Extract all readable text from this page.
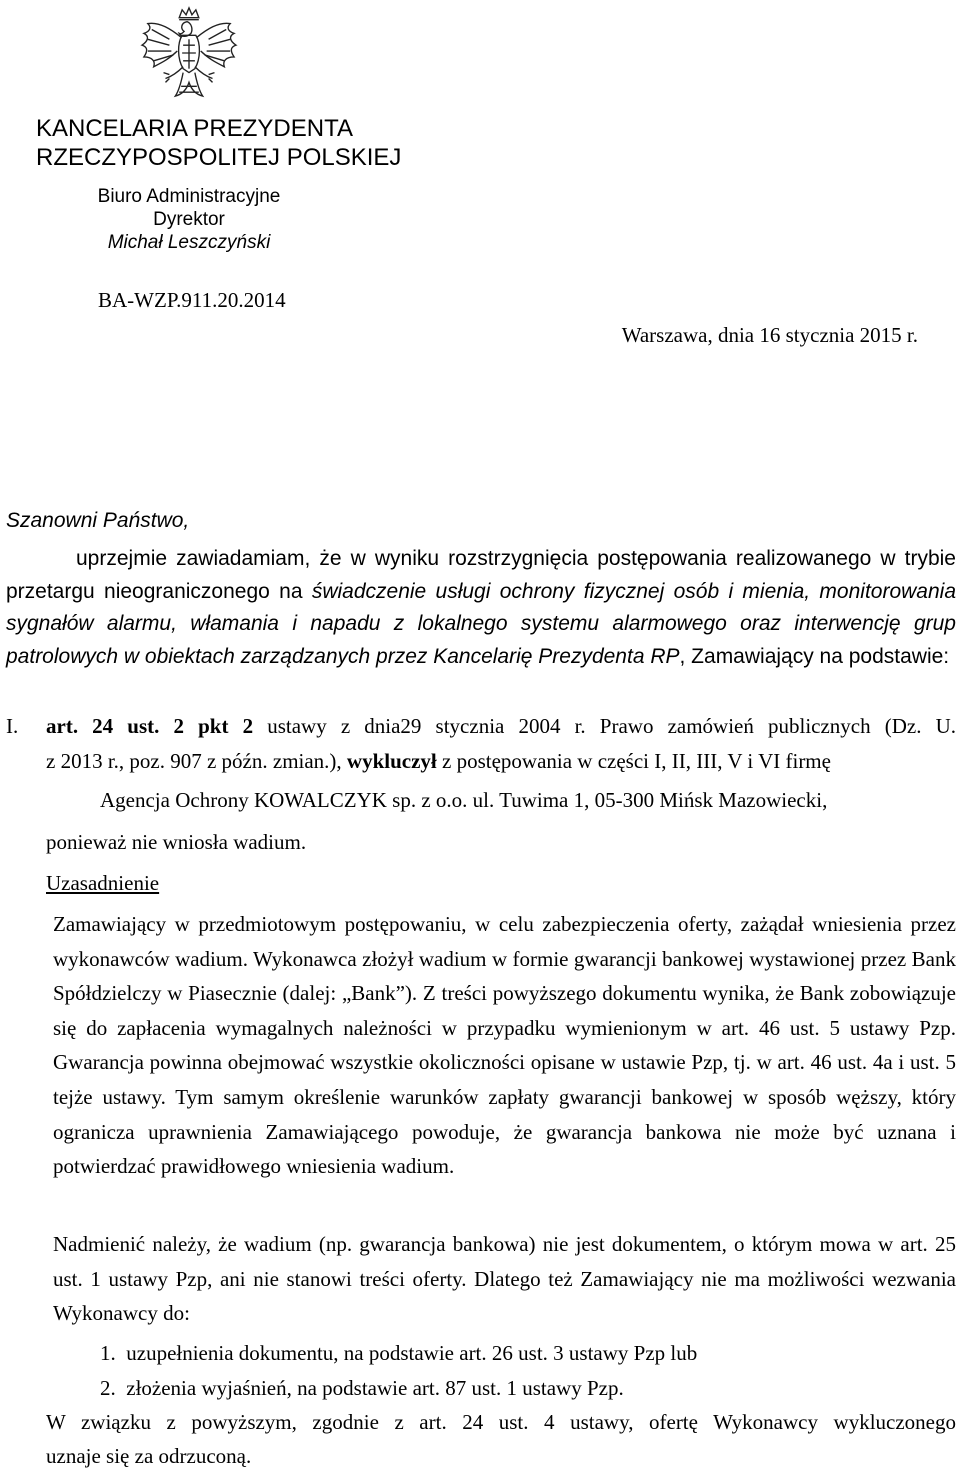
KANCELARIA PREZYDENTA
RZECZYPOSPOLITEJ POLSKIEJ
Biuro Administracyjne
Dyrektor
Michał Leszczyński
BA-WZP.911.20.2014
Warszawa, dnia 16 stycznia 2015 r.
Szanowni Państwo,

uprzejmie zawiadamiam, że w wyniku rozstrzygnięcia postępowania realizowanego w trybie przetargu nieograniczonego na świadczenie usługi ochrony fizycznej osób i mienia, monitorowania sygnałów alarmu, włamania i napadu z lokalnego systemu alarmowego oraz interwencję grup patrolowych w obiektach zarządzanych przez Kancelarię Prezydenta RP, Zamawiający na podstawie:

I. art. 24 ust. 2 pkt 2 ustawy z dnia29 stycznia 2004 r. Prawo zamówień publicznych (Dz. U.
z 2013 r., poz. 907 z późn. zmian.), wykluczył z postępowania w części I, II, III, V i VI firmę
Agencja Ochrony KOWALCZYK sp. z o.o. ul. Tuwima 1, 05-300 Mińsk Mazowiecki,
ponieważ nie wniosła wadium.
Uzasadnienie

Zamawiający w przedmiotowym postępowaniu, w celu zabezpieczenia oferty, zażądał wniesienia przez wykonawców wadium. Wykonawca złożył wadium w formie gwarancji bankowej wystawionej przez Bank Spółdzielczy w Piasecznie (dalej: „Bank”). Z treści powyższego dokumentu wynika, że Bank zobowiązuje się do zapłacenia wymagalnych należności w przypadku wymienionym w art. 46 ust. 5 ustawy Pzp. Gwarancja powinna obejmować wszystkie okoliczności opisane w ustawie Pzp, tj. w art. 46 ust. 4a i ust. 5 tejże ustawy. Tym samym określenie warunków zapłaty gwarancji bankowej w sposób węższy, który ogranicza uprawnienia Zamawiającego powoduje, że gwarancja bankowa nie może być uznana i potwierdzać prawidłowego wniesienia wadium.

Nadmienić należy, że wadium (np. gwarancja bankowa) nie jest dokumentem, o którym mowa w art. 25 ust. 1 ustawy Pzp, ani nie stanowi treści oferty. Dlatego też Zamawiający nie ma możliwości wezwania Wykonawcy do:

1. uzupełnienia dokumentu, na podstawie art. 26 ust. 3 ustawy Pzp lub
2. złożenia wyjaśnień, na podstawie art. 87 ust. 1 ustawy Pzp.
W związku z powyższym, zgodnie z art. 24 ust. 4 ustawy, ofertę Wykonawcy wykluczonego
uznaje się za odrzuconą.
